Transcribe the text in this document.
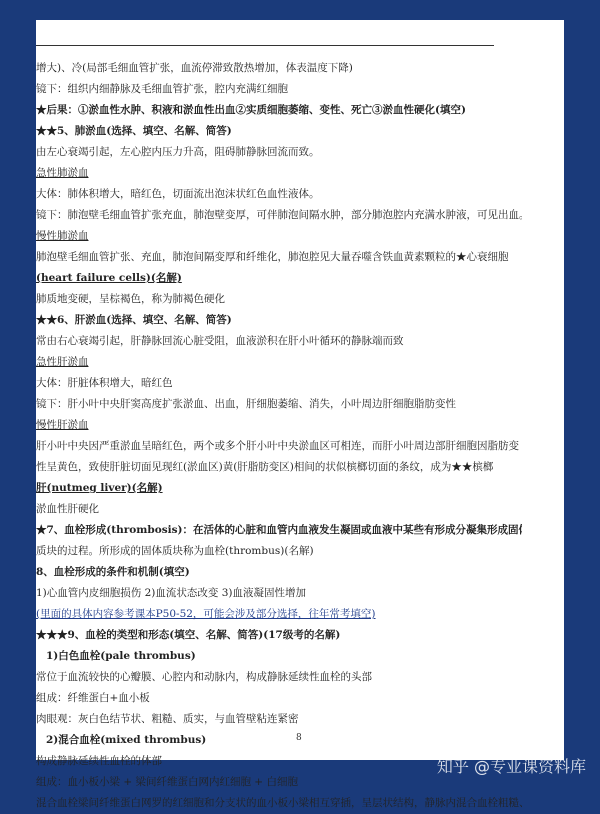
增大)、冷(局部毛细血管扩张，血流停滞致散热增加，体表温度下降)
镜下：组织内细静脉及毛细血管扩张，腔内充满红细胞
★后果：①淤血性水肿、积液和淤血性出血②实质细胞萎缩、变性、死亡③淤血性硬化(填空)
★★5、肺淤血(选择、填空、名解、简答)
由左心衰竭引起，左心腔内压力升高，阻碍肺静脉回流而致。
急性肺淤血
大体：肺体积增大，暗红色，切面流出泡沫状红色血性液体。
镜下：肺泡壁毛细血管扩张充血，肺泡壁变厚，可伴肺泡间隔水肿，部分肺泡腔内充满水肿液，可见出血。
慢性肺淤血
肺泡壁毛细血管扩张、充血，肺泡间隔变厚和纤维化，肺泡腔见大量吞噬含铁血黄素颗粒的★心衰细胞
(heart failure cells)(名解)
肺质地变硬，呈棕褐色，称为肺褐色硬化
★★6、肝淤血(选择、填空、名解、简答)
常由右心衰竭引起，肝静脉回流心脏受阻，血液淤积在肝小叶循环的静脉端而致
急性肝淤血
大体：肝脏体积增大，暗红色
镜下：肝小叶中央肝窦高度扩张淤血、出血，肝细胞萎缩、消失，小叶周边肝细胞脂肪变性
慢性肝淤血
肝小叶中央因严重淤血呈暗红色，两个或多个肝小叶中央淤血区可相连，而肝小叶周边部肝细胞因脂肪变
性呈黄色，致使肝脏切面见现红(淤血区)黄(肝脂肪变区)相间的状似槟榔切面的条纹，成为★★槟榔
肝(nutmeg liver)(名解)
淤血性肝硬化
★7、血栓形成(thrombosis)：在活体的心脏和血管内血液发生凝固或血液中某些有形成分凝集形成固体
质块的过程。所形成的固体质块称为血栓(thrombus)(名解)
8、血栓形成的条件和机制(填空)
1)心血管内皮细胞损伤 2)血流状态改变 3)血液凝固性增加
(里面的具体内容参考课本P50-52，可能会涉及部分选择，往年常考填空)
★★★9、血栓的类型和形态(填空、名解、简答)(17级考的名解)
1)白色血栓(pale thrombus)
常位于血流较快的心瓣膜、心腔内和动脉内，构成静脉延续性血栓的头部
组成：纤维蛋白+血小板
肉眼观：灰白色结节状、粗糙、质实，与血管壁粘连紧密
2)混合血栓(mixed thrombus)
构成静脉延续性血栓的体部
组成：血小板小梁 + 梁间纤维蛋白网内红细胞 + 白细胞
混合血栓梁间纤维蛋白网罗的红细胞和分支状的血小板小梁相互穿插，呈层状结构，静脉内混合血栓粗糙、
8
知乎 @专业课资料库
